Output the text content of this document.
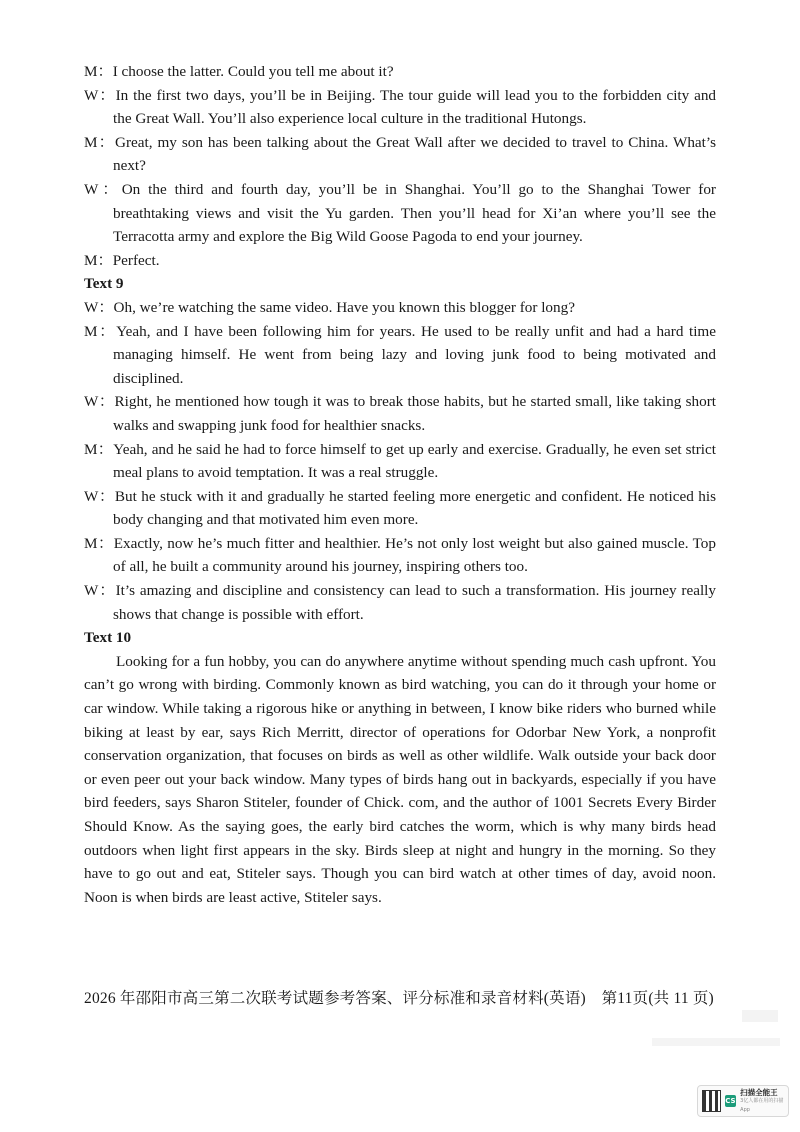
M：I choose the latter. Could you tell me about it?

W：In the first two days, you’ll be in Beijing. The tour guide will lead you to the forbidden city and the Great Wall. You’ll also experience local culture in the traditional Hutongs.

M：Great, my son has been talking about the Great Wall after we decided to travel to China. What’s next?

W：On the third and fourth day, you’ll be in Shanghai. You’ll go to the Shanghai Tower for breathtaking views and visit the Yu garden. Then you’ll head for Xi’an where you’ll see the Terracotta army and explore the Big Wild Goose Pagoda to end your journey.

M：Perfect.

Text 9

W：Oh, we’re watching the same video. Have you known this blogger for long?

M：Yeah, and I have been following him for years. He used to be really unfit and had a hard time managing himself. He went from being lazy and loving junk food to being motivated and disciplined.

W：Right, he mentioned how tough it was to break those habits, but he started small, like taking short walks and swapping junk food for healthier snacks.

M：Yeah, and he said he had to force himself to get up early and exercise. Gradually, he even set strict meal plans to avoid temptation. It was a real struggle.

W：But he stuck with it and gradually he started feeling more energetic and confident. He noticed his body changing and that motivated him even more.

M：Exactly, now he’s much fitter and healthier. He’s not only lost weight but also gained muscle. Top of all, he built a community around his journey, inspiring others too.

W：It’s amazing and discipline and consistency can lead to such a transformation. His journey really shows that change is possible with effort.

Text 10

Looking for a fun hobby, you can do anywhere anytime without spending much cash upfront. You can’t go wrong with birding. Commonly known as bird watching, you can do it through your home or car window. While taking a rigorous hike or anything in between, I know bike riders who burned while biking at least by ear, says Rich Merritt, director of operations for Odorbar New York, a nonprofit conservation organization, that focuses on birds as well as other wildlife. Walk outside your back door or even peer out your back window. Many types of birds hang out in backyards, especially if you have bird feeders, says Sharon Stiteler, founder of Chick. com, and the author of 1001 Secrets Every Birder Should Know. As the saying goes, the early bird catches the worm, which is why many birds head outdoors when light first appears in the sky. Birds sleep at night and hungry in the morning. So they have to go out and eat, Stiteler says. Though you can bird watch at other times of day, avoid noon. Noon is when birds are least active, Stiteler says.

2026 年邵阳市高三第二次联考试题参考答案、评分标准和录音材料(英语)　第11页(共 11 页)
CS
扫描全能王
3亿人都在用的扫描App
